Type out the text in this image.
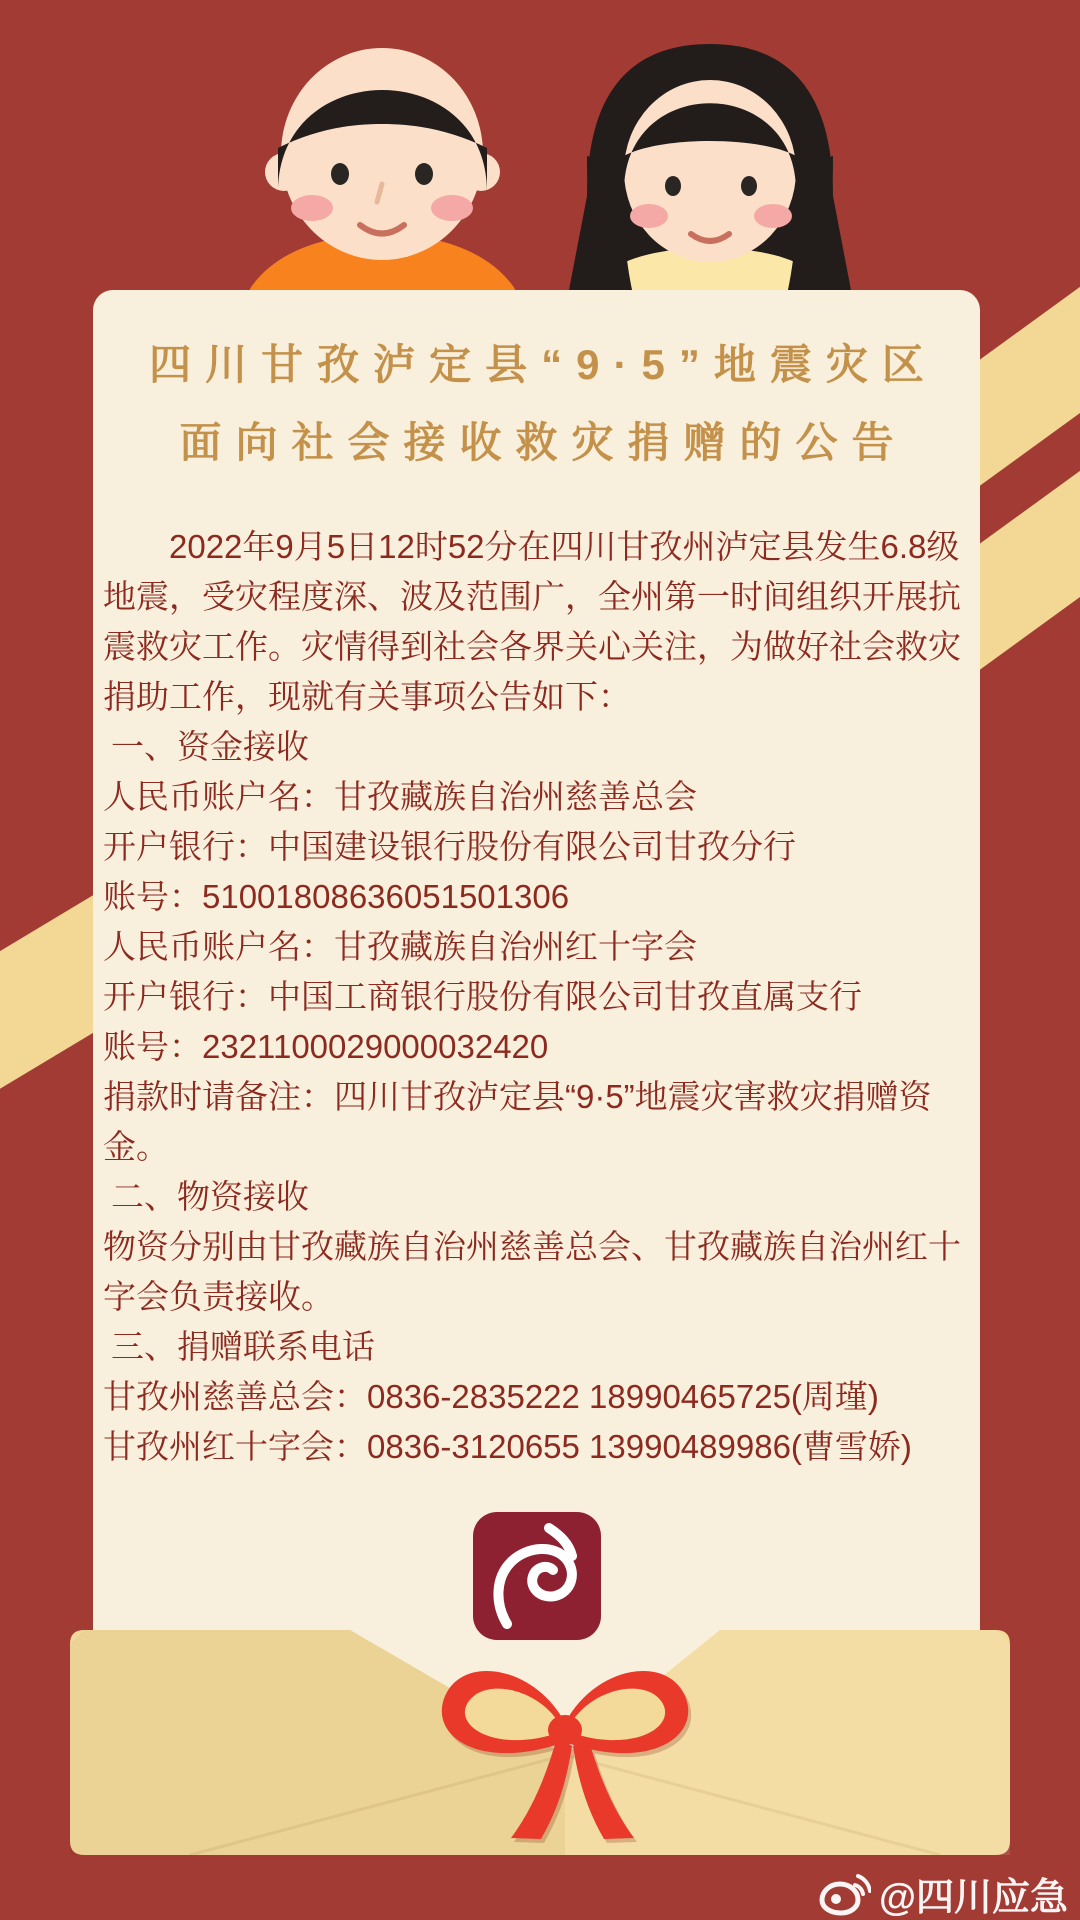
四川甘孜泸定县“9·5”地震灾区
面向社会接收救灾捐赠的公告

2022年9月5日12时52分在四川甘孜州泸定县发生6.8级地震，受灾程度深、波及范围广，全州第一时间组织开展抗震救灾工作。灾情得到社会各界关心关注，为做好社会救灾捐助工作，现就有关事项公告如下：

一、资金接收

人民币账户名：甘孜藏族自治州慈善总会

开户银行：中国建设银行股份有限公司甘孜分行

账号：51001808636051501306

人民币账户名：甘孜藏族自治州红十字会

开户银行：中国工商银行股份有限公司甘孜直属支行

账号：2321100029000032420

捐款时请备注：四川甘孜泸定县“9·5”地震灾害救灾捐赠资金。

二、物资接收

物资分别由甘孜藏族自治州慈善总会、甘孜藏族自治州红十字会负责接收。

三、捐赠联系电话

甘孜州慈善总会：0836-2835222 18990465725(周瑾)

甘孜州红十字会：0836-3120655 13990489986(曹雪娇)

@四川应急
